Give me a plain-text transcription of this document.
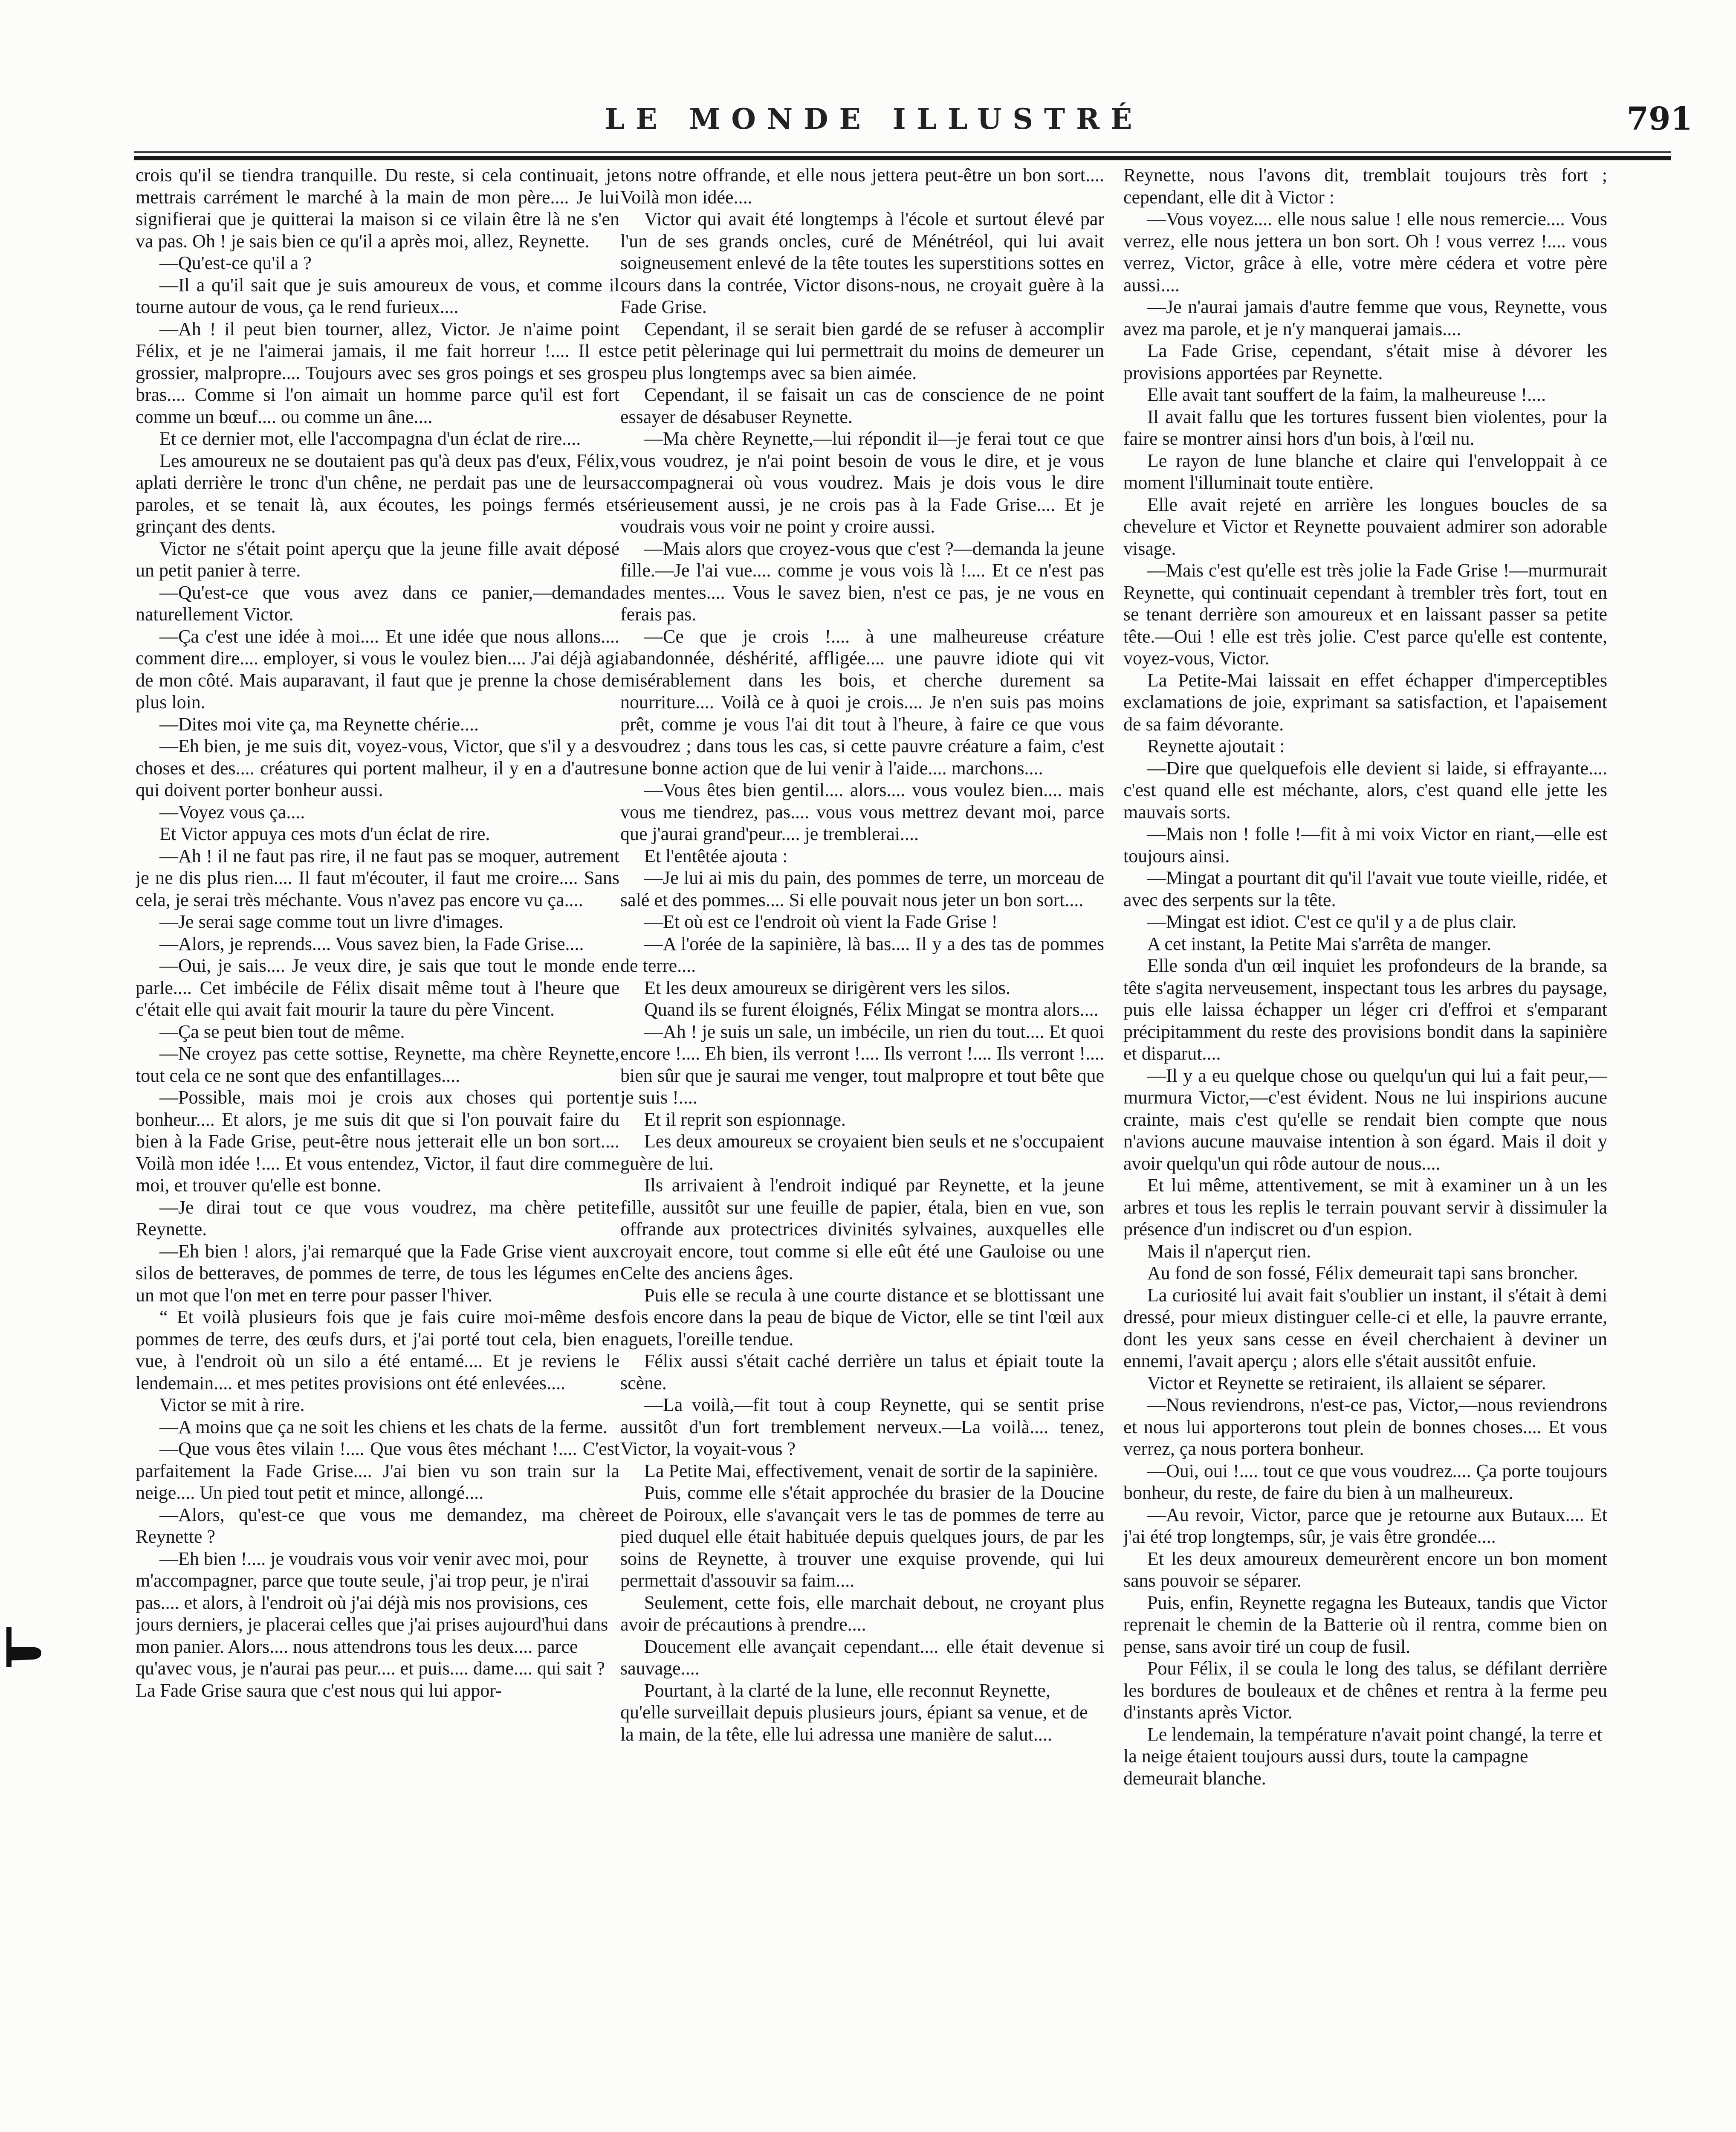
LE MONDE ILLUSTRÉ	791

crois qu'il se tiendra tranquille. Du reste, si cela continuait, je mettrais carrément le marché à la main de mon père.... Je lui signifierai que je quitterai la maison si ce vilain être là ne s'en va pas. Oh ! je sais bien ce qu'il a après moi, allez, Reynette.

—Qu'est-ce qu'il a ?

—Il a qu'il sait que je suis amoureux de vous, et comme il tourne autour de vous, ça le rend furieux....

—Ah ! il peut bien tourner, allez, Victor. Je n'aime point Félix, et je ne l'aimerai jamais, il me fait horreur !.... Il est grossier, malpropre.... Toujours avec ses gros poings et ses gros bras.... Comme si l'on aimait un homme parce qu'il est fort comme un bœuf.... ou comme un âne....

Et ce dernier mot, elle l'accompagna d'un éclat de rire....

Les amoureux ne se doutaient pas qu'à deux pas d'eux, Félix, aplati derrière le tronc d'un chêne, ne perdait pas une de leurs paroles, et se tenait là, aux écoutes, les poings fermés et grinçant des dents.

Victor ne s'était point aperçu que la jeune fille avait déposé un petit panier à terre.

—Qu'est-ce que vous avez dans ce panier,—demanda naturellement Victor.

—Ça c'est une idée à moi.... Et une idée que nous allons.... comment dire.... employer, si vous le voulez bien.... J'ai déjà agi de mon côté. Mais auparavant, il faut que je prenne la chose de plus loin.

—Dites moi vite ça, ma Reynette chérie....

—Eh bien, je me suis dit, voyez-vous, Victor, que s'il y a des choses et des.... créatures qui portent malheur, il y en a d'autres qui doivent porter bonheur aussi.

—Voyez vous ça....

Et Victor appuya ces mots d'un éclat de rire.

—Ah ! il ne faut pas rire, il ne faut pas se moquer, autrement je ne dis plus rien.... Il faut m'écouter, il faut me croire.... Sans cela, je serai très méchante. Vous n'avez pas encore vu ça....

—Je serai sage comme tout un livre d'images.

—Alors, je reprends.... Vous savez bien, la Fade Grise....

—Oui, je sais.... Je veux dire, je sais que tout le monde en parle.... Cet imbécile de Félix disait même tout à l'heure que c'était elle qui avait fait mourir la taure du père Vincent.

—Ça se peut bien tout de même.

—Ne croyez pas cette sottise, Reynette, ma chère Reynette, tout cela ce ne sont que des enfantillages....

—Possible, mais moi je crois aux choses qui portent bonheur.... Et alors, je me suis dit que si l'on pouvait faire du bien à la Fade Grise, peut-être nous jetterait elle un bon sort.... Voilà mon idée !.... Et vous entendez, Victor, il faut dire comme moi, et trouver qu'elle est bonne.

—Je dirai tout ce que vous voudrez, ma chère petite Reynette.

—Eh bien ! alors, j'ai remarqué que la Fade Grise vient aux silos de betteraves, de pommes de terre, de tous les légumes en un mot que l'on met en terre pour passer l'hiver.

“ Et voilà plusieurs fois que je fais cuire moi-même des pommes de terre, des œufs durs, et j'ai porté tout cela, bien en vue, à l'endroit où un silo a été entamé.... Et je reviens le lendemain.... et mes petites provisions ont été enlevées....

Victor se mit à rire.

—A moins que ça ne soit les chiens et les chats de la ferme.

—Que vous êtes vilain !.... Que vous êtes méchant !.... C'est parfaitement la Fade Grise.... J'ai bien vu son train sur la neige.... Un pied tout petit et mince, allongé....

—Alors, qu'est-ce que vous me demandez, ma chère Reynette ?

—Eh bien !.... je voudrais vous voir venir avec moi, pour m'accompagner, parce que toute seule, j'ai trop peur, je n'irai pas.... et alors, à l'endroit où j'ai déjà mis nos provisions, ces jours derniers, je placerai celles que j'ai prises aujourd'hui dans mon panier. Alors.... nous attendrons tous les deux.... parce qu'avec vous, je n'aurai pas peur.... et puis.... dame.... qui sait ? La Fade Grise saura que c'est nous qui lui appor-

tons notre offrande, et elle nous jettera peut-être un bon sort.... Voilà mon idée....

Victor qui avait été longtemps à l'école et surtout élevé par l'un de ses grands oncles, curé de Ménétréol, qui lui avait soigneusement enlevé de la tête toutes les superstitions sottes en cours dans la contrée, Victor disons-nous, ne croyait guère à la Fade Grise.

Cependant, il se serait bien gardé de se refuser à accomplir ce petit pèlerinage qui lui permettrait du moins de demeurer un peu plus longtemps avec sa bien aimée.

Cependant, il se faisait un cas de conscience de ne point essayer de désabuser Reynette.

—Ma chère Reynette,—lui répondit il—je ferai tout ce que vous voudrez, je n'ai point besoin de vous le dire, et je vous accompagnerai où vous voudrez. Mais je dois vous le dire sérieusement aussi, je ne crois pas à la Fade Grise.... Et je voudrais vous voir ne point y croire aussi.

—Mais alors que croyez-vous que c'est ?—demanda la jeune fille.—Je l'ai vue.... comme je vous vois là !.... Et ce n'est pas des mentes.... Vous le savez bien, n'est ce pas, je ne vous en ferais pas.

—Ce que je crois !.... à une malheureuse créature abandonnée, déshérité, affligée.... une pauvre idiote qui vit misérablement dans les bois, et cherche durement sa nourriture.... Voilà ce à quoi je crois.... Je n'en suis pas moins prêt, comme je vous l'ai dit tout à l'heure, à faire ce que vous voudrez ; dans tous les cas, si cette pauvre créature a faim, c'est une bonne action que de lui venir à l'aide.... marchons....

—Vous êtes bien gentil.... alors.... vous voulez bien.... mais vous me tiendrez, pas.... vous vous mettrez devant moi, parce que j'aurai grand'peur.... je tremblerai....

Et l'entêtée ajouta :

—Je lui ai mis du pain, des pommes de terre, un morceau de salé et des pommes.... Si elle pouvait nous jeter un bon sort....

—Et où est ce l'endroit où vient la Fade Grise !

—A l'orée de la sapinière, là bas.... Il y a des tas de pommes de terre....

Et les deux amoureux se dirigèrent vers les silos.

Quand ils se furent éloignés, Félix Mingat se montra alors....

—Ah ! je suis un sale, un imbécile, un rien du tout.... Et quoi encore !.... Eh bien, ils verront !.... Ils verront !.... Ils verront !.... bien sûr que je saurai me venger, tout malpropre et tout bête que je suis !....

Et il reprit son espionnage.

Les deux amoureux se croyaient bien seuls et ne s'occupaient guère de lui.

Ils arrivaient à l'endroit indiqué par Reynette, et la jeune fille, aussitôt sur une feuille de papier, étala, bien en vue, son offrande aux protectrices divinités sylvaines, auxquelles elle croyait encore, tout comme si elle eût été une Gauloise ou une Celte des anciens âges.

Puis elle se recula à une courte distance et se blottissant une fois encore dans la peau de bique de Victor, elle se tint l'œil aux aguets, l'oreille tendue.

Félix aussi s'était caché derrière un talus et épiait toute la scène.

—La voilà,—fit tout à coup Reynette, qui se sentit prise aussitôt d'un fort tremblement nerveux.—La voilà.... tenez, Victor, la voyait-vous ?

La Petite Mai, effectivement, venait de sortir de la sapinière.

Puis, comme elle s'était approchée du brasier de la Doucine et de Poiroux, elle s'avançait vers le tas de pommes de terre au pied duquel elle était habituée depuis quelques jours, de par les soins de Reynette, à trouver une exquise provende, qui lui permettait d'assouvir sa faim....

Seulement, cette fois, elle marchait debout, ne croyant plus avoir de précautions à prendre....

Doucement elle avançait cependant.... elle était devenue si sauvage....

Pourtant, à la clarté de la lune, elle reconnut Reynette, qu'elle surveillait depuis plusieurs jours, épiant sa venue, et de la main, de la tête, elle lui adressa une manière de salut....

Reynette, nous l'avons dit, tremblait toujours très fort ; cependant, elle dit à Victor :

—Vous voyez.... elle nous salue ! elle nous remercie.... Vous verrez, elle nous jettera un bon sort. Oh ! vous verrez !.... vous verrez, Victor, grâce à elle, votre mère cédera et votre père aussi....

—Je n'aurai jamais d'autre femme que vous, Reynette, vous avez ma parole, et je n'y manquerai jamais....

La Fade Grise, cependant, s'était mise à dévorer les provisions apportées par Reynette.

Elle avait tant souffert de la faim, la malheureuse !....

Il avait fallu que les tortures fussent bien violentes, pour la faire se montrer ainsi hors d'un bois, à l'œil nu.

Le rayon de lune blanche et claire qui l'enveloppait à ce moment l'illuminait toute entière.

Elle avait rejeté en arrière les longues boucles de sa chevelure et Victor et Reynette pouvaient admirer son adorable visage.

—Mais c'est qu'elle est très jolie la Fade Grise !—murmurait Reynette, qui continuait cependant à trembler très fort, tout en se tenant derrière son amoureux et en laissant passer sa petite tête.—Oui ! elle est très jolie. C'est parce qu'elle est contente, voyez-vous, Victor.

La Petite-Mai laissait en effet échapper d'imperceptibles exclamations de joie, exprimant sa satisfaction, et l'apaisement de sa faim dévorante.

Reynette ajoutait :

—Dire que quelquefois elle devient si laide, si effrayante.... c'est quand elle est méchante, alors, c'est quand elle jette les mauvais sorts.

—Mais non ! folle !—fit à mi voix Victor en riant,—elle est toujours ainsi.

—Mingat a pourtant dit qu'il l'avait vue toute vieille, ridée, et avec des serpents sur la tête.

—Mingat est idiot. C'est ce qu'il y a de plus clair.

A cet instant, la Petite Mai s'arrêta de manger.

Elle sonda d'un œil inquiet les profondeurs de la brande, sa tête s'agita nerveusement, inspectant tous les arbres du paysage, puis elle laissa échapper un léger cri d'effroi et s'emparant précipitamment du reste des provisions bondit dans la sapinière et disparut....

—Il y a eu quelque chose ou quelqu'un qui lui a fait peur,—murmura Victor,—c'est évident. Nous ne lui inspirions aucune crainte, mais c'est qu'elle se rendait bien compte que nous n'avions aucune mauvaise intention à son égard. Mais il doit y avoir quelqu'un qui rôde autour de nous....

Et lui même, attentivement, se mit à examiner un à un les arbres et tous les replis le terrain pouvant servir à dissimuler la présence d'un indiscret ou d'un espion.

Mais il n'aperçut rien.

Au fond de son fossé, Félix demeurait tapi sans broncher.

La curiosité lui avait fait s'oublier un instant, il s'était à demi dressé, pour mieux distinguer celle-ci et elle, la pauvre errante, dont les yeux sans cesse en éveil cherchaient à deviner un ennemi, l'avait aperçu ; alors elle s'était aussitôt enfuie.

Victor et Reynette se retiraient, ils allaient se séparer.

—Nous reviendrons, n'est-ce pas, Victor,—nous reviendrons et nous lui apporterons tout plein de bonnes choses.... Et vous verrez, ça nous portera bonheur.

—Oui, oui !.... tout ce que vous voudrez.... Ça porte toujours bonheur, du reste, de faire du bien à un malheureux.

—Au revoir, Victor, parce que je retourne aux Butaux.... Et j'ai été trop longtemps, sûr, je vais être grondée....

Et les deux amoureux demeurèrent encore un bon moment sans pouvoir se séparer.

Puis, enfin, Reynette regagna les Buteaux, tandis que Victor reprenait le chemin de la Batterie où il rentra, comme bien on pense, sans avoir tiré un coup de fusil.

Pour Félix, il se coula le long des talus, se défilant derrière les bordures de bouleaux et de chênes et rentra à la ferme peu d'instants après Victor.

Le lendemain, la température n'avait point changé, la terre et la neige étaient toujours aussi durs, toute la campagne demeurait blanche.
